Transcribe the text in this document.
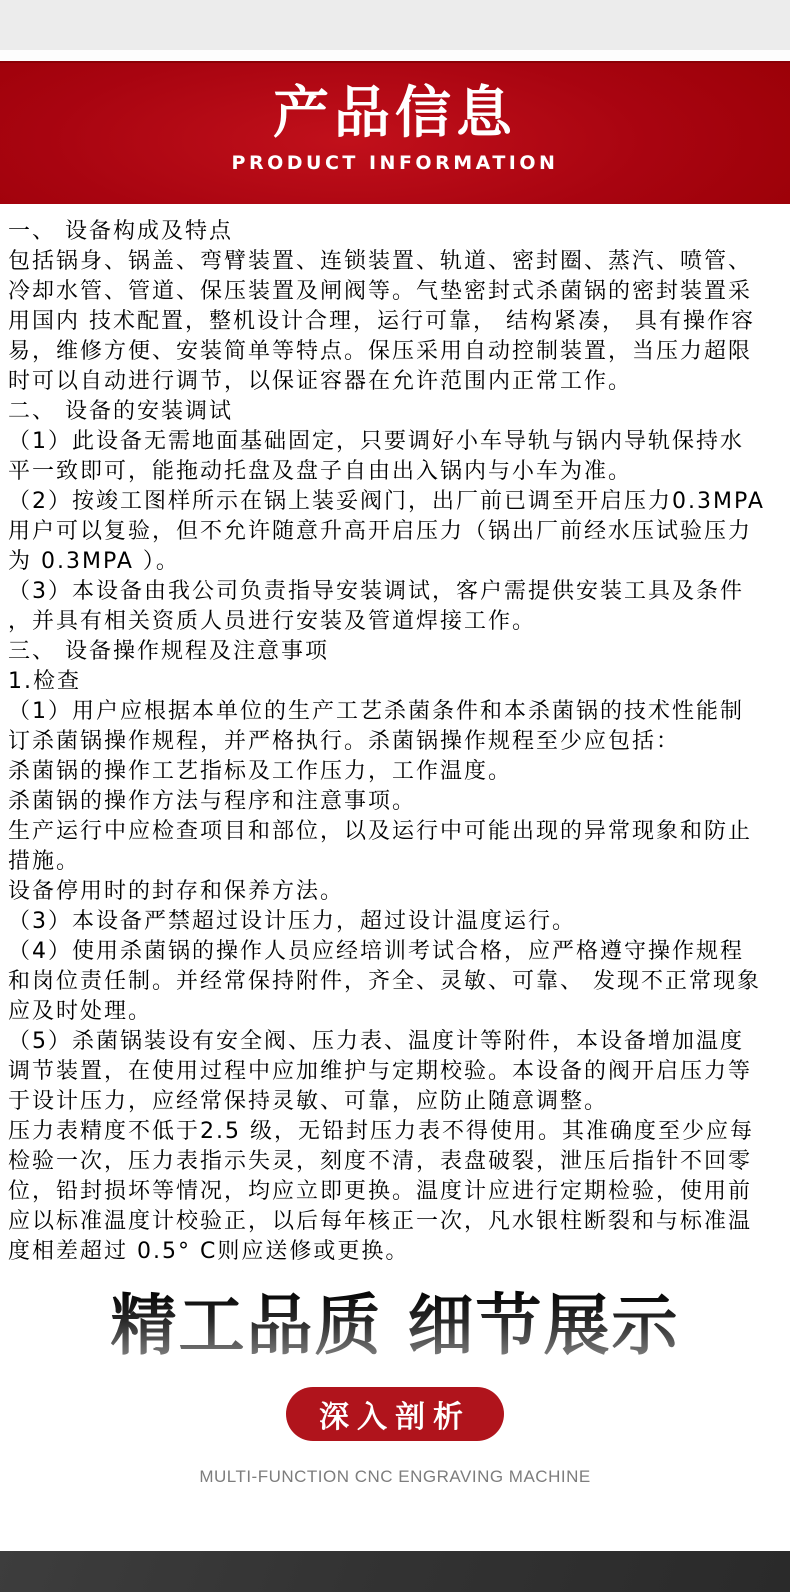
产品信息
PRODUCT INFORMATION
一、 设备构成及特点
包括锅身、锅盖、弯臂装置、连锁装置、轨道、密封圈、蒸汽、喷管、
冷却水管、管道、保压装置及闸阀等。气垫密封式杀菌锅的密封装置采
用国内 技术配置，整机设计合理，运行可靠， 结构紧凑， 具有操作容
易，维修方便、安装简单等特点。保压采用自动控制装置，当压力超限
时可以自动进行调节，以保证容器在允许范围内正常工作。
二、 设备的安装调试
（1）此设备无需地面基础固定，只要调好小车导轨与锅内导轨保持水
平一致即可，能拖动托盘及盘子自由出入锅内与小车为准。
（2）按竣工图样所示在锅上装妥阀门，出厂前已调至开启压力0.3MPA
用户可以复验，但不允许随意升高开启压力（锅出厂前经水压试验压力
为 0.3MPA ）。
（3）本设备由我公司负责指导安装调试，客户需提供安装工具及条件
，并具有相关资质人员进行安装及管道焊接工作。
三、 设备操作规程及注意事项
1.检查
（1）用户应根据本单位的生产工艺杀菌条件和本杀菌锅的技术性能制
订杀菌锅操作规程，并严格执行。杀菌锅操作规程至少应包括：
杀菌锅的操作工艺指标及工作压力，工作温度。
杀菌锅的操作方法与程序和注意事项。
生产运行中应检查项目和部位，以及运行中可能出现的异常现象和防止
措施。
设备停用时的封存和保养方法。
（3）本设备严禁超过设计压力，超过设计温度运行。
（4）使用杀菌锅的操作人员应经培训考试合格，应严格遵守操作规程
和岗位责任制。并经常保持附件，齐全、灵敏、可靠、 发现不正常现象
应及时处理。
（5）杀菌锅装设有安全阀、压力表、温度计等附件，本设备增加温度
调节装置，在使用过程中应加维护与定期校验。本设备的阀开启压力等
于设计压力，应经常保持灵敏、可靠，应防止随意调整。
压力表精度不低于2.5 级，无铅封压力表不得使用。其准确度至少应每
检验一次，压力表指示失灵，刻度不清，表盘破裂，泄压后指针不回零
位，铅封损坏等情况，均应立即更换。温度计应进行定期检验，使用前
应以标准温度计校验正，以后每年核正一次，凡水银柱断裂和与标准温
度相差超过 0.5° C则应送修或更换。
精工品质 细节展示
深入剖析
MULTI-FUNCTION CNC ENGRAVING MACHINE
